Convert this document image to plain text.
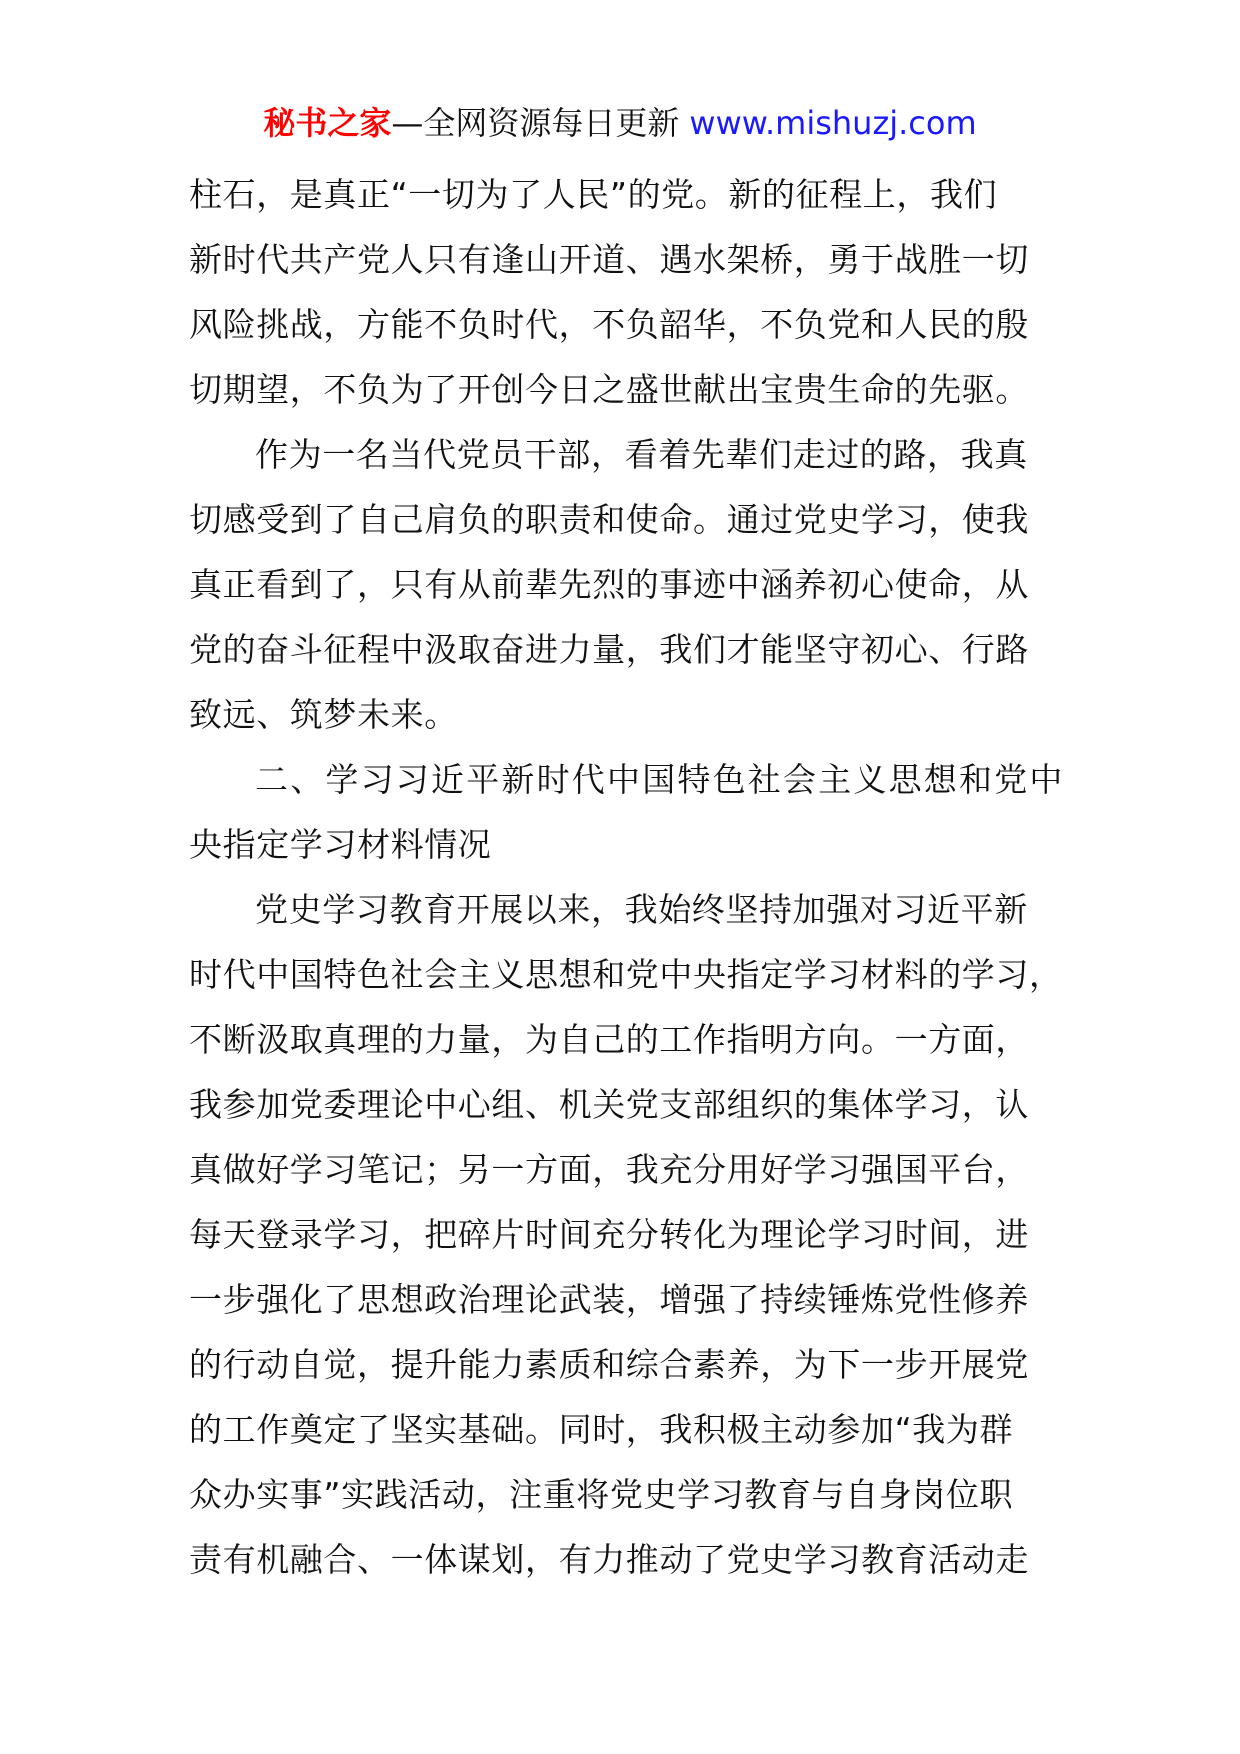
秘书之家—全网资源每日更新 www.mishuzj.com
柱石，是真正“一切为了人民”的党。新的征程上，我们
新时代共产党人只有逢山开道、遇水架桥，勇于战胜一切
风险挑战，方能不负时代，不负韶华，不负党和人民的殷
切期望，不负为了开创今日之盛世献出宝贵生命的先驱。
作为一名当代党员干部，看着先辈们走过的路，我真
切感受到了自己肩负的职责和使命。通过党史学习，使我
真正看到了，只有从前辈先烈的事迹中涵养初心使命，从
党的奋斗征程中汲取奋进力量，我们才能坚守初心、行路
致远、筑梦未来。
二、学习习近平新时代中国特色社会主义思想和党中
央指定学习材料情况
党史学习教育开展以来，我始终坚持加强对习近平新
时代中国特色社会主义思想和党中央指定学习材料的学习，
不断汲取真理的力量，为自己的工作指明方向。一方面，
我参加党委理论中心组、机关党支部组织的集体学习，认
真做好学习笔记；另一方面，我充分用好学习强国平台，
每天登录学习，把碎片时间充分转化为理论学习时间，进
一步强化了思想政治理论武装，增强了持续锤炼党性修养
的行动自觉，提升能力素质和综合素养，为下一步开展党
的工作奠定了坚实基础。同时，我积极主动参加“我为群
众办实事”实践活动，注重将党史学习教育与自身岗位职
责有机融合、一体谋划，有力推动了党史学习教育活动走
